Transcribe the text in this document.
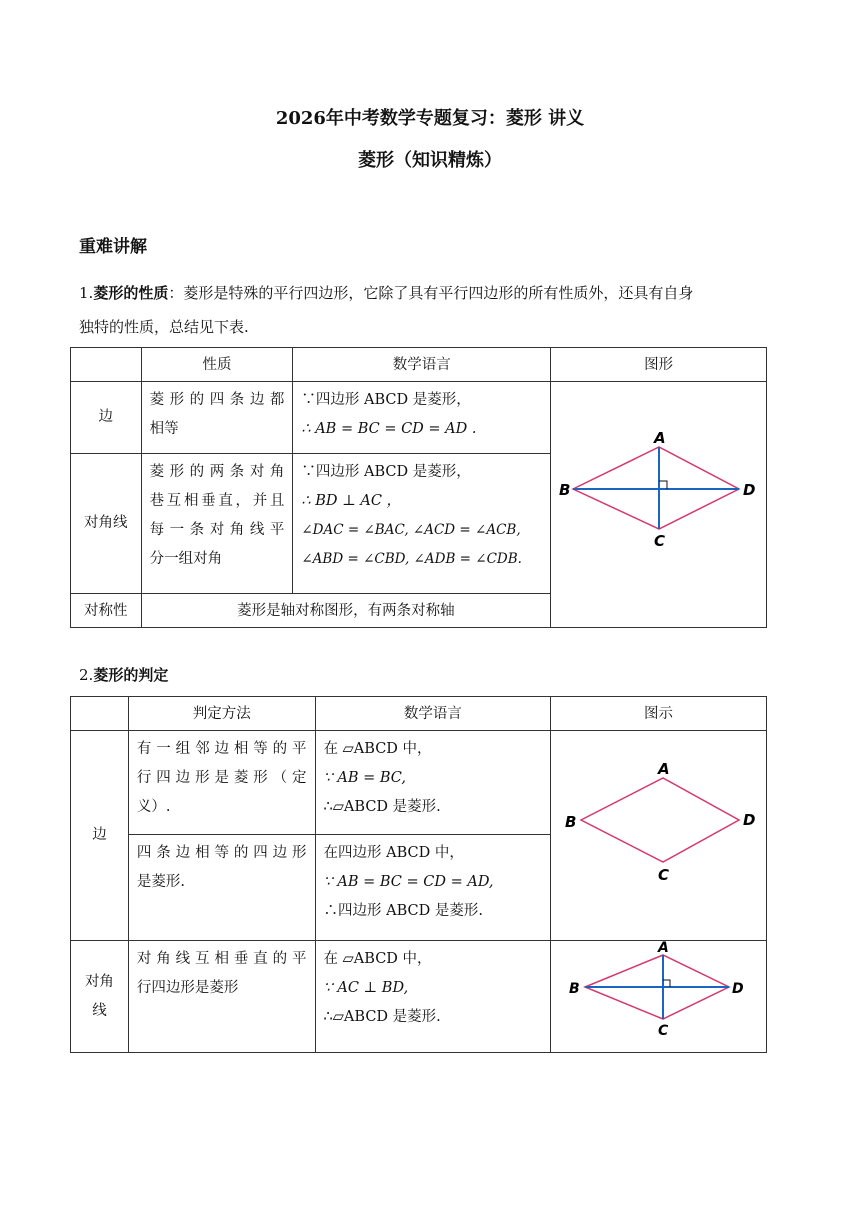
2026年中考数学专题复习：菱形 讲义
菱形（知识精炼）
重难讲解
1.菱形的性质：菱形是特殊的平行四边形，它除了具有平行四边形的所有性质外，还具有自身
独特的性质，总结见下表.
	性质	数学语言	图形
边	菱形的四条边都
相等	∵四边形 ABCD 是菱形，
∴ AB = BC = CD = AD .	A
B
C
D

对角线	菱形的两条对角
巷互相垂直，并且
每一条对角线平
分一组对角	∵四边形 ABCD 是菱形，
∴ BD ⊥ AC ，
∠DAC = ∠BAC, ∠ACD = ∠ACB,
∠ABD = ∠CBD, ∠ADB = ∠CDB.	

对称性	菱形是轴对称图形，有两条对称轴		
2.菱形的判定
	判定方法	数学语言	图示
边	有一组邻边相等的平
行四边形是菱形（定
义）.	在 ▱ABCD 中，
∵ AB = BC,
∴▱ABCD 是菱形.	A
B
C
D

	四条边相等的四边形
是菱形.	在四边形 ABCD 中，
∵ AB = BC = CD = AD,
∴四边形 ABCD 是菱形.	

对角
线	对角线互相垂直的平
行四边形是菱形	在 ▱ABCD 中，
∵ AC ⊥ BD,
∴▱ABCD 是菱形.	A
B
C
D
